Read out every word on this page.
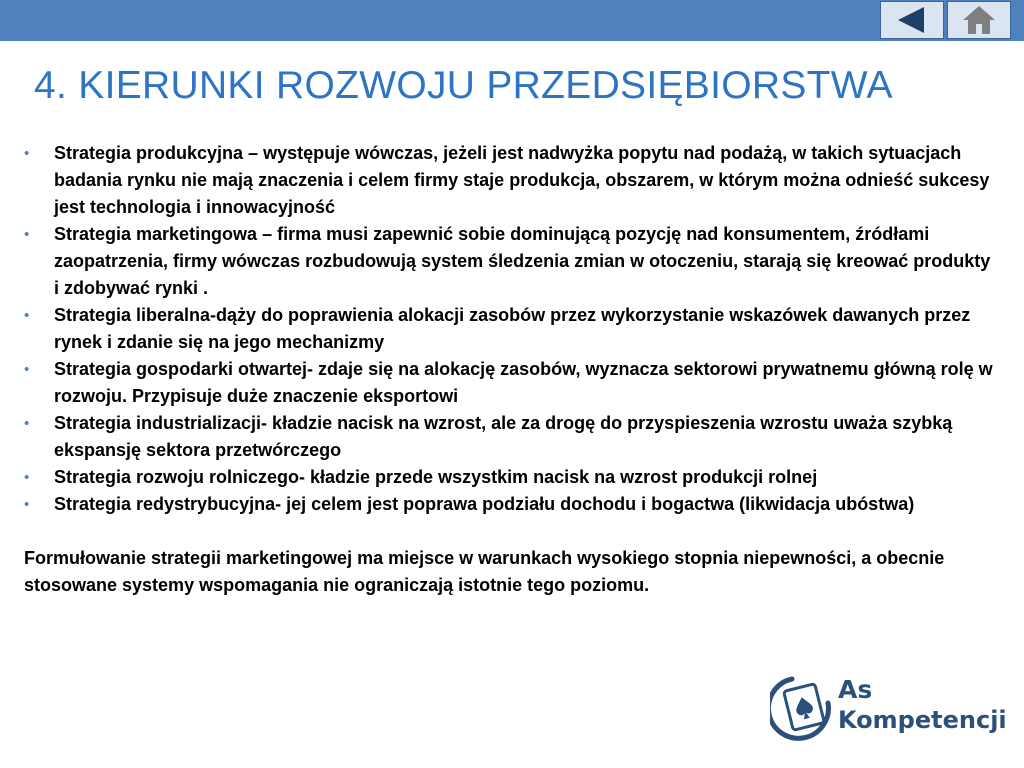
4. KIERUNKI ROZWOJU PRZEDSIĘBIORSTWA
• Strategia produkcyjna – występuje wówczas, jeżeli jest nadwyżka popytu nad podażą, w takich sytuacjach badania rynku nie mają znaczenia i celem firmy staje produkcja, obszarem, w którym można odnieść sukcesy jest technologia i innowacyjność
• Strategia marketingowa – firma musi zapewnić sobie dominującą pozycję nad konsumentem, źródłami zaopatrzenia, firmy wówczas rozbudowują system śledzenia zmian w otoczeniu, starają się kreować produkty i zdobywać rynki .
• Strategia liberalna-dąży do poprawienia alokacji zasobów przez wykorzystanie wskazówek dawanych przez rynek i zdanie się na jego mechanizmy
• Strategia gospodarki otwartej- zdaje się na alokację zasobów, wyznacza sektorowi prywatnemu główną rolę w rozwoju. Przypisuje duże znaczenie eksportowi
• Strategia industrializacji- kładzie nacisk na wzrost, ale za drogę do przyspieszenia wzrostu uważa szybką ekspansję sektora przetwórczego
• Strategia rozwoju rolniczego- kładzie przede wszystkim nacisk na wzrost produkcji rolnej
• Strategia redystrybucyjna- jej celem jest poprawa podziału dochodu i bogactwa (likwidacja ubóstwa)

Formułowanie strategii marketingowej ma miejsce w warunkach wysokiego stopnia niepewności, a obecnie stosowane systemy wspomagania nie ograniczają istotnie tego poziomu.

As
Kompetencji
